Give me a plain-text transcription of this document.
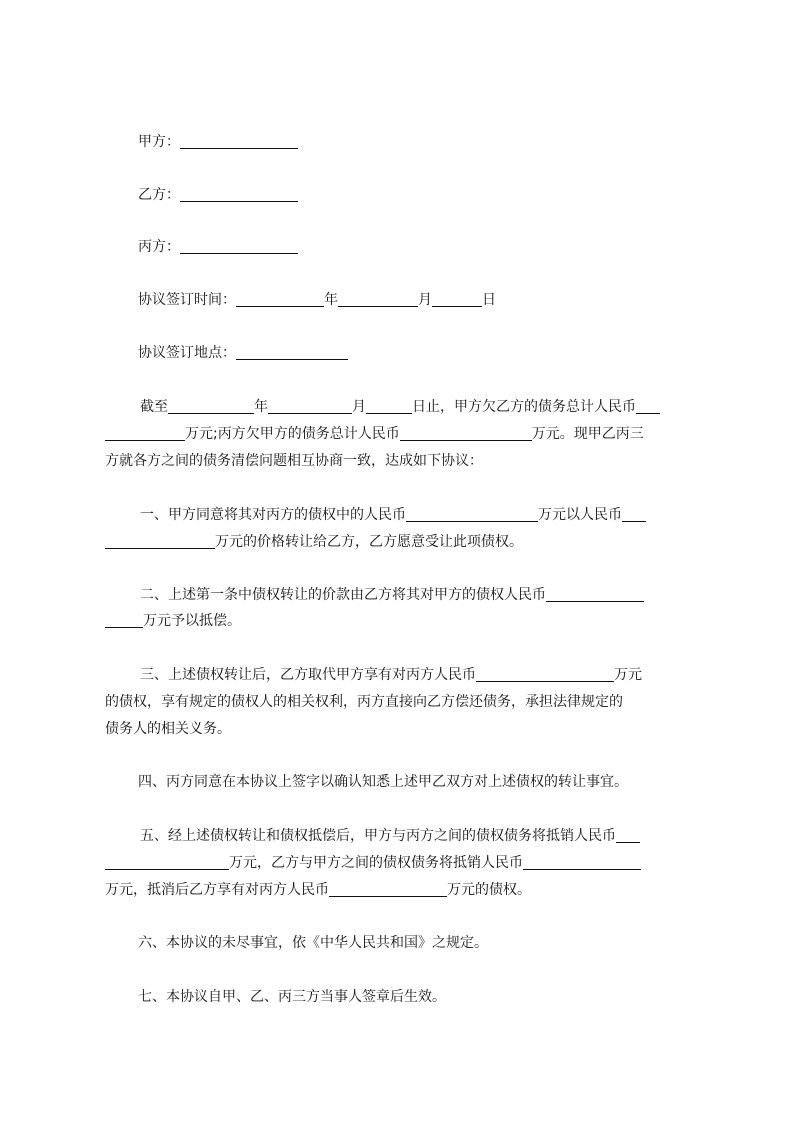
甲方：
乙方：
丙方：
协议签订时间：	年	月	日
协议签订地点：
截至	年	月	日止，甲方欠乙方的债务总计人民币
万元;丙方欠甲方的债务总计人民币	万元。现甲乙丙三
方就各方之间的债务清偿问题相互协商一致，达成如下协议：
一、甲方同意将其对丙方的债权中的人民币	万元以人民币
万元的价格转让给乙方，乙方愿意受让此项债权。
二、上述第一条中债权转让的价款由乙方将其对甲方的债权人民币
万元予以抵偿。
三、上述债权转让后，乙方取代甲方享有对丙方人民币	万元
的债权，享有规定的债权人的相关权利，丙方直接向乙方偿还债务，承担法律规定的
债务人的相关义务。
四、丙方同意在本协议上签字以确认知悉上述甲乙双方对上述债权的转让事宜。
五、经上述债权转让和债权抵偿后，甲方与丙方之间的债权债务将抵销人民币
万元，乙方与甲方之间的债权债务将抵销人民币
万元，抵消后乙方享有对丙方人民币	万元的债权。
六、本协议的未尽事宜，依《中华人民共和国》之规定。
七、本协议自甲、乙、丙三方当事人签章后生效。
